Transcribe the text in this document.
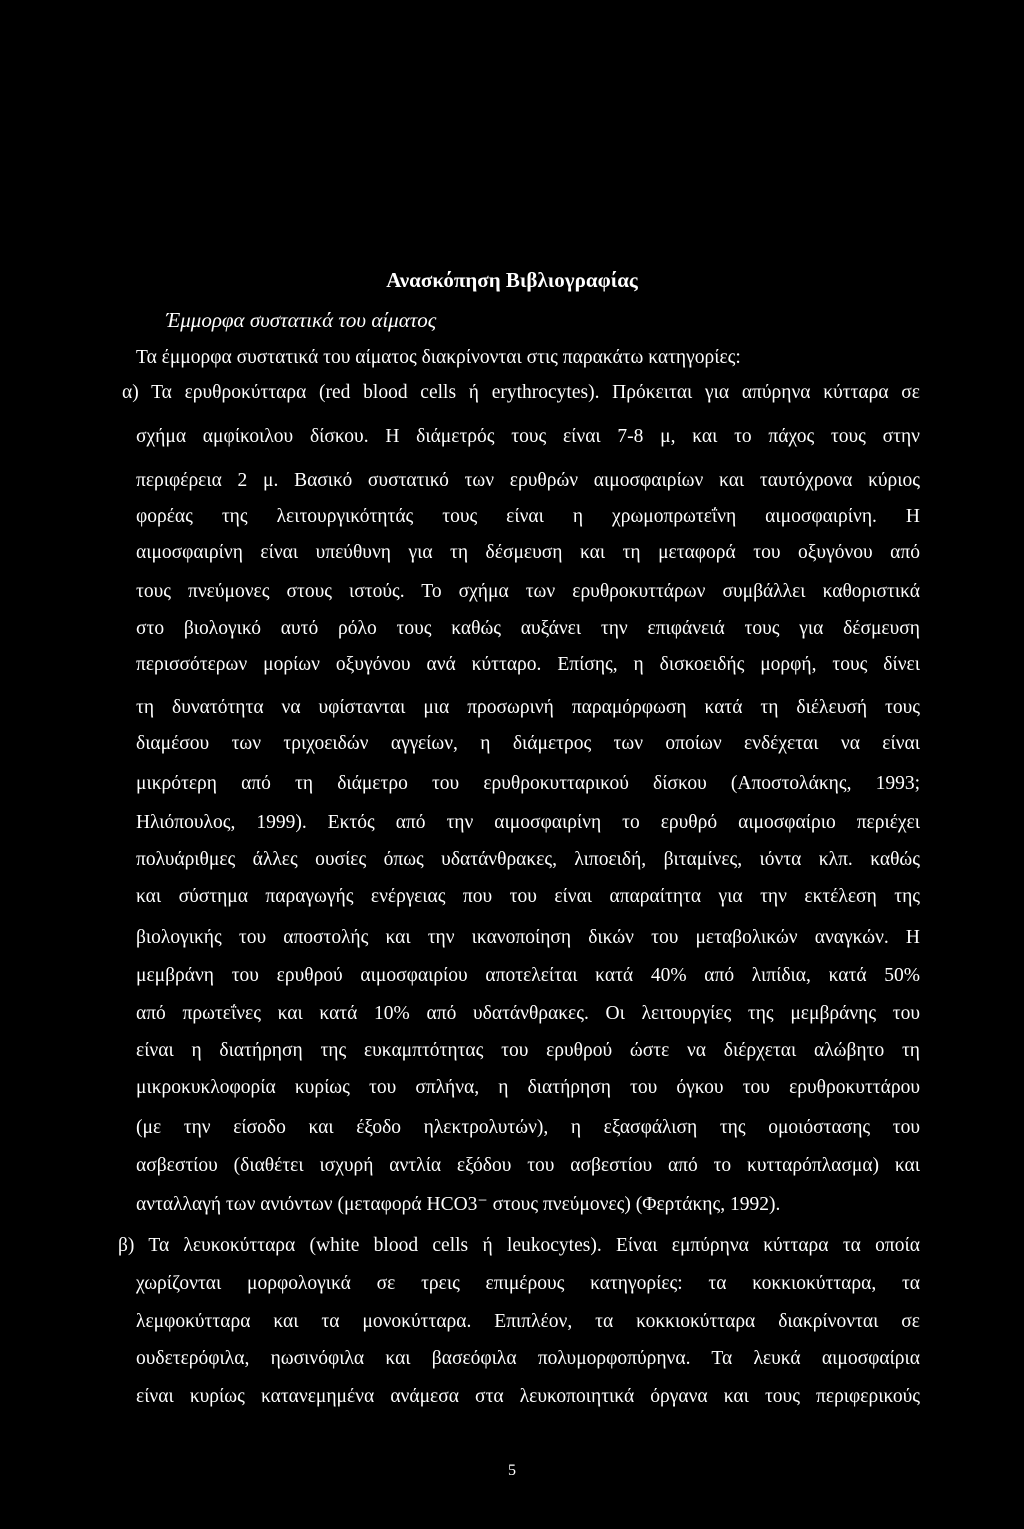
Ανασκόπηση Βιβλιογραφίας
Έμμορφα συστατικά του αίματος
Τα έμμορφα συστατικά του αίματος διακρίνονται στις παρακάτω κατηγορίες:
α) Τα ερυθροκύτταρα (red blood cells ή erythrocytes). Πρόκειται για απύρηνα κύτταρα σε
σχήμα αμφίκοιλου δίσκου. Η διάμετρός τους είναι 7-8 μ, και το πάχος τους στην
περιφέρεια 2 μ. Βασικό συστατικό των ερυθρών αιμοσφαιρίων και ταυτόχρονα κύριος
φορέας της λειτουργικότητάς τους είναι η χρωμοπρωτεΐνη αιμοσφαιρίνη. Η
αιμοσφαιρίνη είναι υπεύθυνη για τη δέσμευση και τη μεταφορά του οξυγόνου από
τους πνεύμονες στους ιστούς. Το σχήμα των ερυθροκυττάρων συμβάλλει καθοριστικά
στο βιολογικό αυτό ρόλο τους καθώς αυξάνει την επιφάνειά τους για δέσμευση
περισσότερων μορίων οξυγόνου ανά κύτταρο. Επίσης, η δισκοειδής μορφή, τους δίνει
τη δυνατότητα να υφίστανται μια προσωρινή παραμόρφωση κατά τη διέλευσή τους
διαμέσου των τριχοειδών αγγείων, η διάμετρος των οποίων ενδέχεται να είναι
μικρότερη από τη διάμετρο του ερυθροκυτταρικού δίσκου (Αποστολάκης, 1993;
Ηλιόπουλος, 1999). Εκτός από την αιμοσφαιρίνη το ερυθρό αιμοσφαίριο περιέχει
πολυάριθμες άλλες ουσίες όπως υδατάνθρακες, λιποειδή, βιταμίνες, ιόντα κλπ. καθώς
και σύστημα παραγωγής ενέργειας που του είναι απαραίτητα για την εκτέλεση της
βιολογικής του αποστολής και την ικανοποίηση δικών του μεταβολικών αναγκών. Η
μεμβράνη του ερυθρού αιμοσφαιρίου αποτελείται κατά 40% από λιπίδια, κατά 50%
από πρωτεΐνες και κατά 10% από υδατάνθρακες. Οι λειτουργίες της μεμβράνης του
είναι η διατήρηση της ευκαμπτότητας του ερυθρού ώστε να διέρχεται αλώβητο τη
μικροκυκλοφορία κυρίως του σπλήνα, η διατήρηση του όγκου του ερυθροκυττάρου
(με την είσοδο και έξοδο ηλεκτρολυτών), η εξασφάλιση της ομοιόστασης του
ασβεστίου (διαθέτει ισχυρή αντλία εξόδου του ασβεστίου από το κυτταρόπλασμα) και
ανταλλαγή των ανιόντων (μεταφορά HCO3⁻ στους πνεύμονες) (Φερτάκης, 1992).
β) Τα λευκοκύτταρα (white blood cells ή leukocytes). Είναι εμπύρηνα κύτταρα τα οποία
χωρίζονται μορφολογικά σε τρεις επιμέρους κατηγορίες: τα κοκκιοκύτταρα, τα
λεμφοκύτταρα και τα μονοκύτταρα. Επιπλέον, τα κοκκιοκύτταρα διακρίνονται σε
ουδετερόφιλα, ηωσινόφιλα και βασεόφιλα πολυμορφοπύρηνα. Τα λευκά αιμοσφαίρια
είναι κυρίως κατανεμημένα ανάμεσα στα λευκοποιητικά όργανα και τους περιφερικούς
5
